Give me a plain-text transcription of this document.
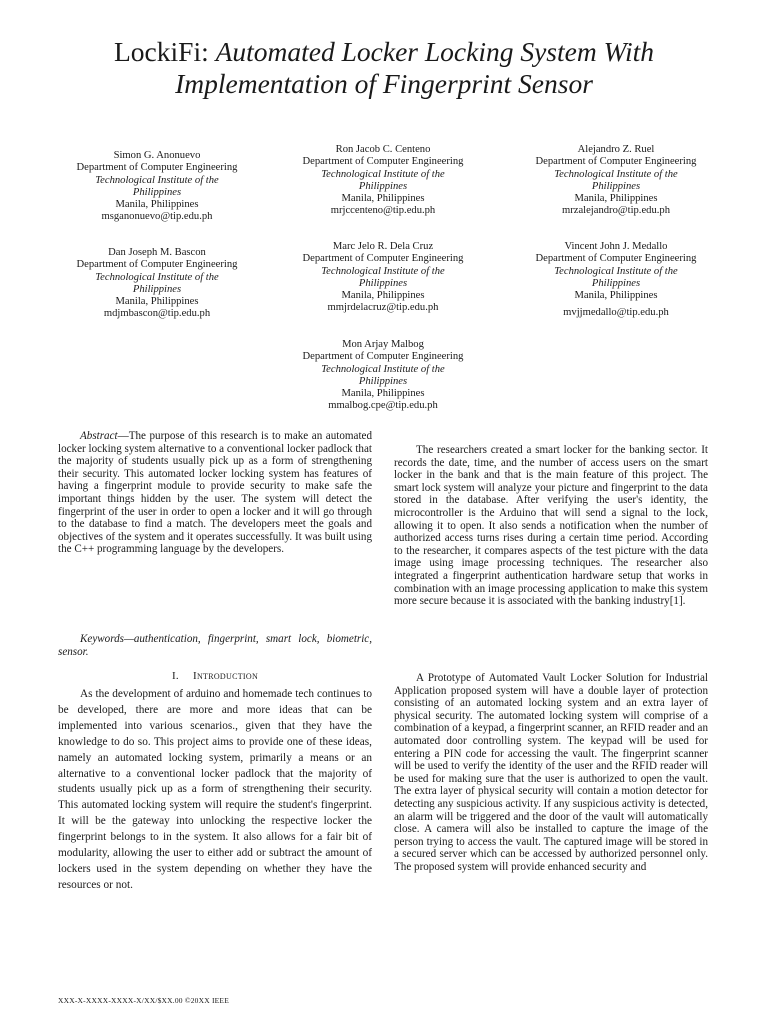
LockiFi: Automated Locker Locking System With
Implementation of Fingerprint Sensor
Simon G. Anonuevo
Department of Computer Engineering
Technological Institute of the
Philippines
Manila, Philippines
msganonuevo@tip.edu.ph
Ron Jacob C. Centeno
Department of Computer Engineering
Technological Institute of the
Philippines
Manila, Philippines
mrjccenteno@tip.edu.ph
Alejandro Z. Ruel
Department of Computer Engineering
Technological Institute of the
Philippines
Manila, Philippines
mrzalejandro@tip.edu.ph
Dan Joseph M. Bascon
Department of Computer Engineering
Technological Institute of the
Philippines
Manila, Philippines
mdjmbascon@tip.edu.ph
Marc Jelo R. Dela Cruz
Department of Computer Engineering
Technological Institute of the
Philippines
Manila, Philippines
mmjrdelacruz@tip.edu.ph
Vincent John J. Medallo
Department of Computer Engineering
Technological Institute of the
Philippines
Manila, Philippines
mvjjmedallo@tip.edu.ph
Mon Arjay Malbog
Department of Computer Engineering
Technological Institute of the
Philippines
Manila, Philippines
mmalbog.cpe@tip.edu.ph

Abstract—The purpose of this research is to make an automated locker locking system alternative to a conventional locker padlock that the majority of students usually pick up as a form of strengthening their security. This automated locker locking system has features of having a fingerprint module to provide security to make safe the important things hidden by the user. The system will detect the fingerprint of the user in order to open a locker and it will go through to the database to find a match. The developers meet the goals and objectives of the system and it operates successfully. It was built using the C++ programming language by the developers.

Keywords—authentication, fingerprint, smart lock, biometric, sensor.

I. Introduction

As the development of arduino and homemade tech continues to be developed, there are more and more ideas that can be implemented into various scenarios., given that they have the knowledge to do so. This project aims to provide one of these ideas, namely an automated locking system, primarily a means or an alternative to a conventional locker padlock that the majority of students usually pick up as a form of strengthening their security. This automated locking system will require the student's fingerprint. It will be the gateway into unlocking the respective locker the fingerprint belongs to in the system. It also allows for a fair bit of modularity, allowing the user to either add or subtract the amount of lockers used in the system depending on whether they have the resources or not.

The researchers created a smart locker for the banking sector. It records the date, time, and the number of access users on the smart locker in the bank and that is the main feature of this project. The smart lock system will analyze your picture and fingerprint to the data stored in the database. After verifying the user's identity, the microcontroller is the Arduino that will send a signal to the lock, allowing it to open. It also sends a notification when the number of authorized access turns rises during a certain time period. According to the researcher, it compares aspects of the test picture with the data image using image processing techniques. The researcher also integrated a fingerprint authentication hardware setup that works in combination with an image processing application to make this system more secure because it is associated with the banking industry[1].

A Prototype of Automated Vault Locker Solution for Industrial Application proposed system will have a double layer of protection consisting of an automated locking system and an extra layer of physical security. The automated locking system will comprise of a combination of a keypad, a fingerprint scanner, an RFID reader and an automated door controlling system. The keypad will be used for entering a PIN code for accessing the vault. The fingerprint scanner will be used to verify the identity of the user and the RFID reader will be used for making sure that the user is authorized to open the vault. The extra layer of physical security will contain a motion detector for detecting any suspicious activity. If any suspicious activity is detected, an alarm will be triggered and the door of the vault will automatically close. A camera will also be installed to capture the image of the person trying to access the vault. The captured image will be stored in a secured server which can be accessed by authorized personnel only. The proposed system will provide enhanced security and

XXX-X-XXXX-XXXX-X/XX/$XX.00 ©20XX IEEE
